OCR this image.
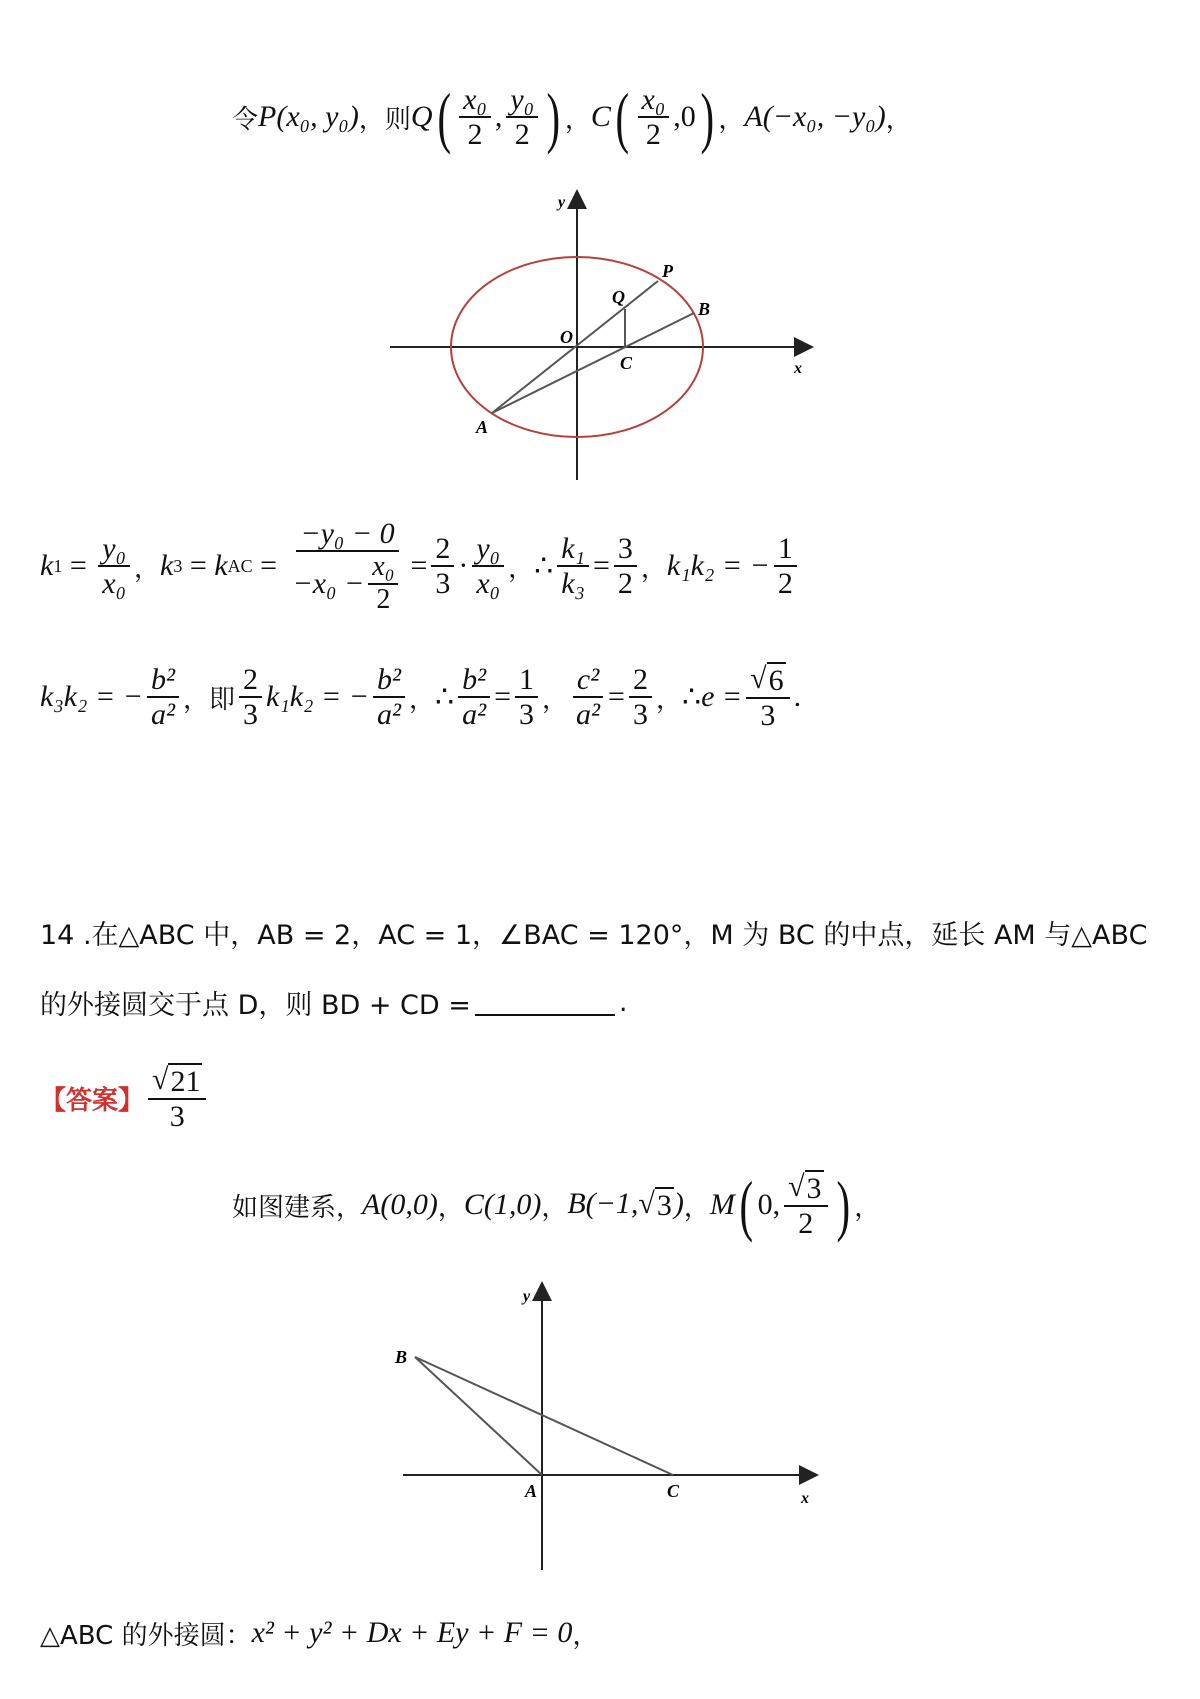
令 P(x₀, y₀) ，则 Q ( $\frac{\text{x₀}}{2}$ , $\frac{\text{y₀}}{2}$ ) ， C ( $\frac{\text{x₀}}{2}$ , 0 ) ， A(−x₀, −y₀) ，
x
y
O
P
Q
B
C
A
k $1 = \frac{\text{y₀}}{\text{x₀}}$ ， k 3 = k AC = $\frac{\text{−y₀ − 0}}{-x_0 - \frac{\text{x₀}}{2}} = \frac{2}{3} \cdot \frac{\text{y₀}}{\text{x₀}}$ ， ∴ $\frac{\text{k₁}}{\text{k₃}} = \frac{3}{2}$ ， k₁k₂ = − $\frac{1}{2}$
k₃k₂ = − $\frac{\text{b²}}{\text{a²}}$ ，即 $\frac{2}{3} k_1k_2$ = − $\frac{\text{b²}}{\text{a²}}$ ， ∴ $\frac{\text{b²}}{\text{a²}} = \frac{1}{3}$ ， $\frac{\text{c²}}{\text{a²}} = \frac{2}{3}$ ， ∴ $e = \frac{√ 6}{3}$ .
14 .在△ABC 中，AB = 2，AC = 1，∠BAC = 120°，M 为 BC 的中点，延长 AM 与△ABC
的外接圆交于点 D，则 BD + CD =	.
【答案】 $\frac{√ 21}{3}$
如图建系， A(0,0) ， C(1,0) ， B(−1, √ 3 ) ， M ( 0, $\frac{√ 3}{2}$ ) ，
x
y
B
A	C
△ABC 的外接圆： x² + y² + Dx + Ey + F = 0 ，
